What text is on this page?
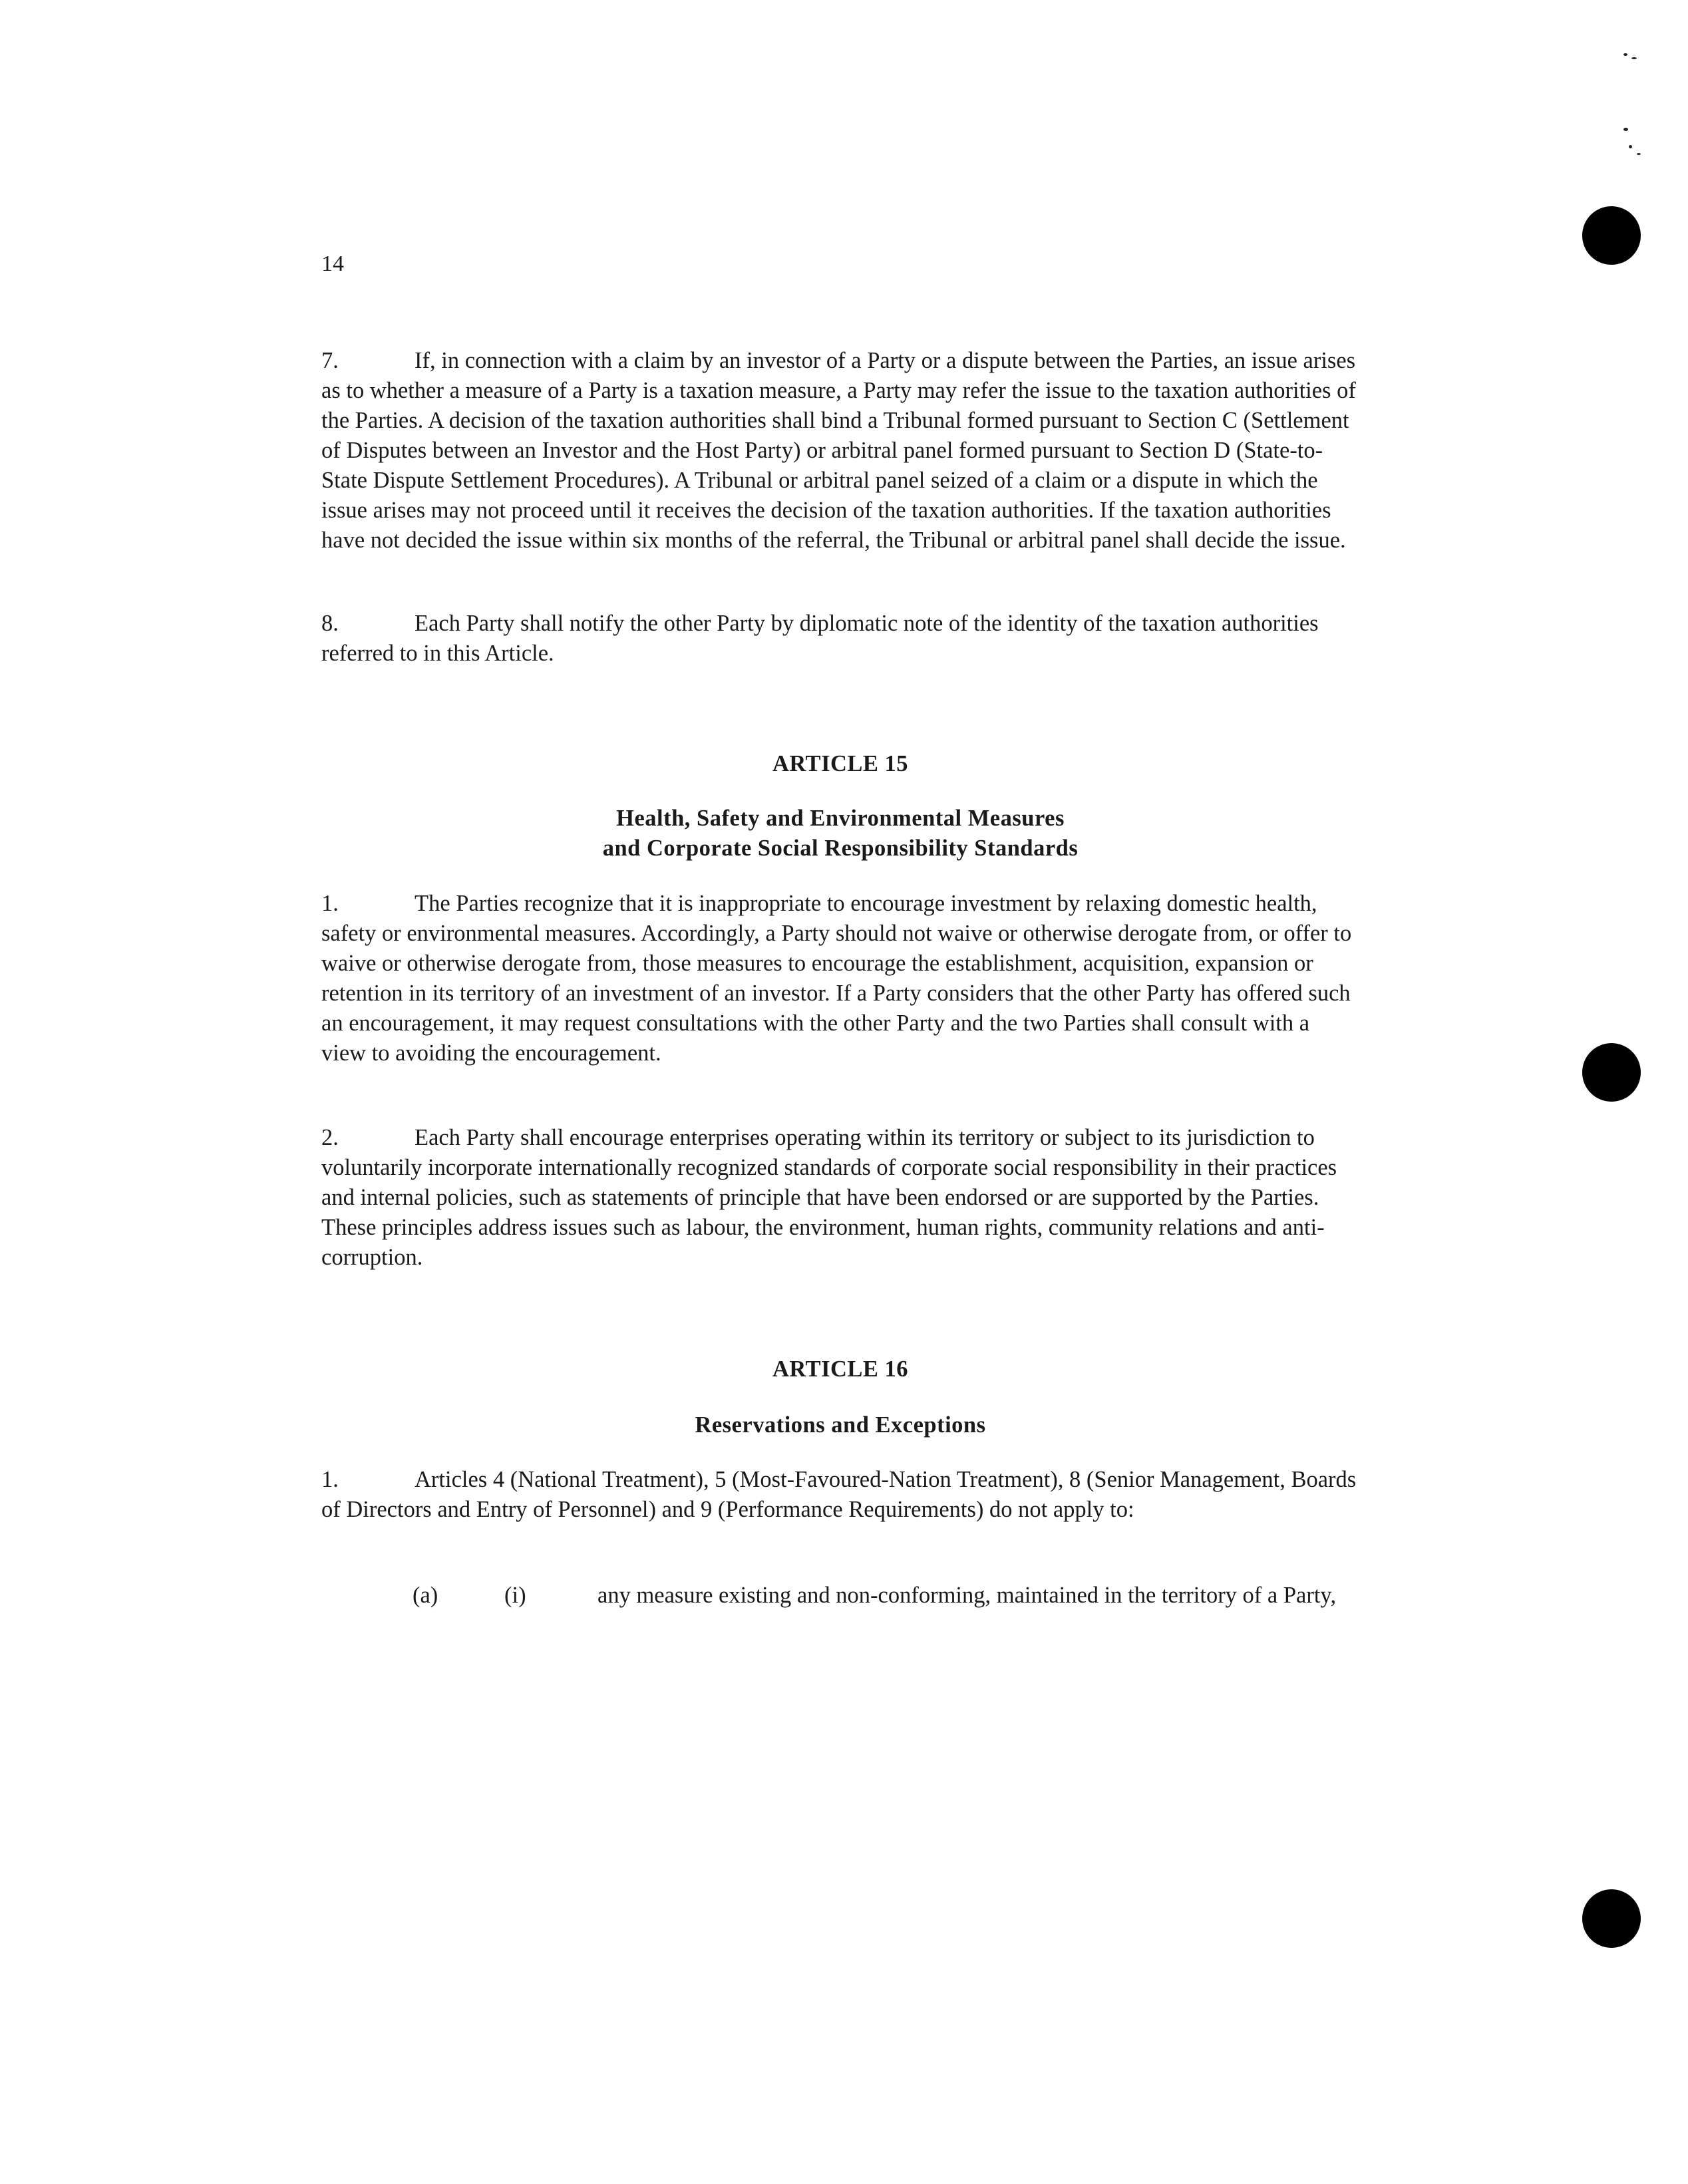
14

7.	If, in connection with a claim by an investor of a Party or a dispute between the Parties, an issue arises as to whether a measure of a Party is a taxation measure, a Party may refer the issue to the taxation authorities of the Parties. A decision of the taxation authorities shall bind a Tribunal formed pursuant to Section C (Settlement of Disputes between an Investor and the Host Party) or arbitral panel formed pursuant to Section D (State-to-State Dispute Settlement Procedures). A Tribunal or arbitral panel seized of a claim or a dispute in which the issue arises may not proceed until it receives the decision of the taxation authorities. If the taxation authorities have not decided the issue within six months of the referral, the Tribunal or arbitral panel shall decide the issue.

8.	Each Party shall notify the other Party by diplomatic note of the identity of the taxation authorities referred to in this Article.

ARTICLE 15

Health, Safety and Environmental Measures

and Corporate Social Responsibility Standards

1.	The Parties recognize that it is inappropriate to encourage investment by relaxing domestic health, safety or environmental measures. Accordingly, a Party should not waive or otherwise derogate from, or offer to waive or otherwise derogate from, those measures to encourage the establishment, acquisition, expansion or retention in its territory of an investment of an investor. If a Party considers that the other Party has offered such an encouragement, it may request consultations with the other Party and the two Parties shall consult with a view to avoiding the encouragement.

2.	Each Party shall encourage enterprises operating within its territory or subject to its jurisdiction to voluntarily incorporate internationally recognized standards of corporate social responsibility in their practices and internal policies, such as statements of principle that have been endorsed or are supported by the Parties. These principles address issues such as labour, the environment, human rights, community relations and anti-corruption.

ARTICLE 16

Reservations and Exceptions

1.	Articles 4 (National Treatment), 5 (Most-Favoured-Nation Treatment), 8 (Senior Management, Boards of Directors and Entry of Personnel) and 9 (Performance Requirements) do not apply to:

(a)	(i)	any measure existing and non-conforming, maintained in the territory of a Party,
